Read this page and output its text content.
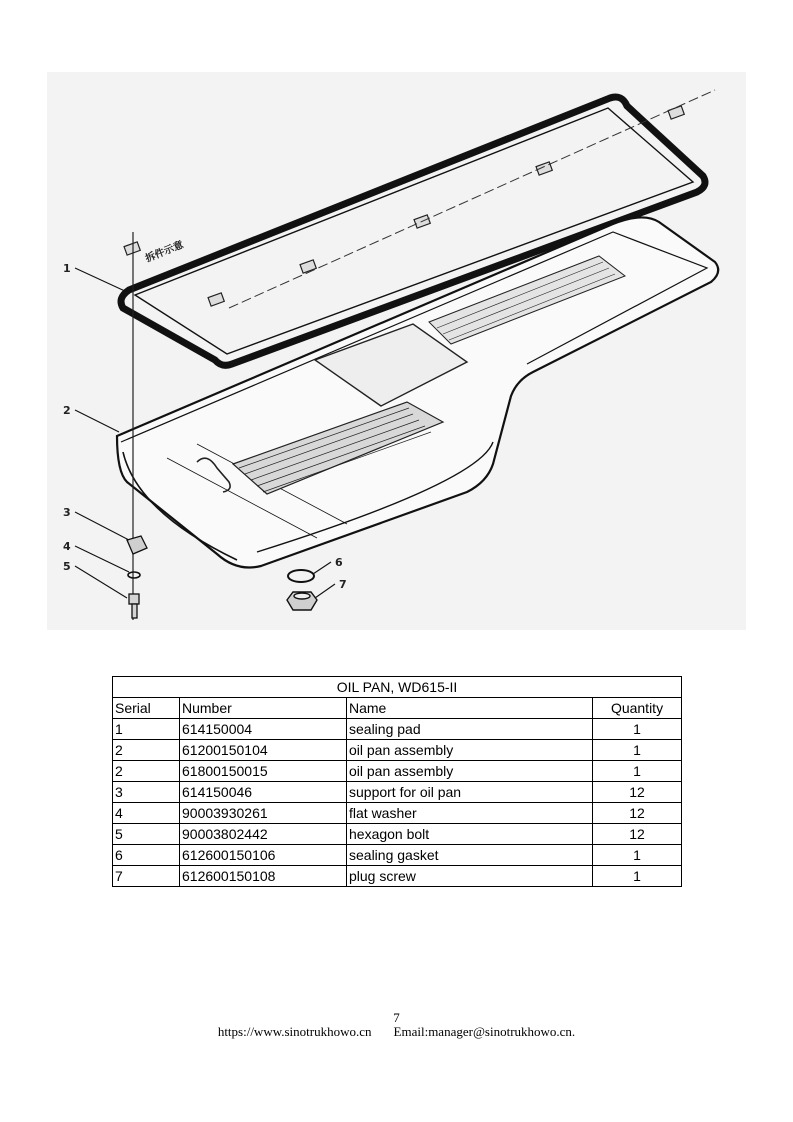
拆件示意
1
2
3
4
5	6
7
OIL PAN, WD615-II			
Serial	Number	Name	Quantity
1	614150004	sealing pad	1
2	61200150104	oil pan assembly	1
2	61800150015	oil pan assembly	1
3	614150046	support for oil pan	12
4	90003930261	flat washer	12
5	90003802442	hexagon bolt	12
6	612600150106	sealing gasket	1
7	612600150108	plug screw	1
7
https://www.sinotrukhowo.cn Email:manager@sinotrukhowo.cn.
